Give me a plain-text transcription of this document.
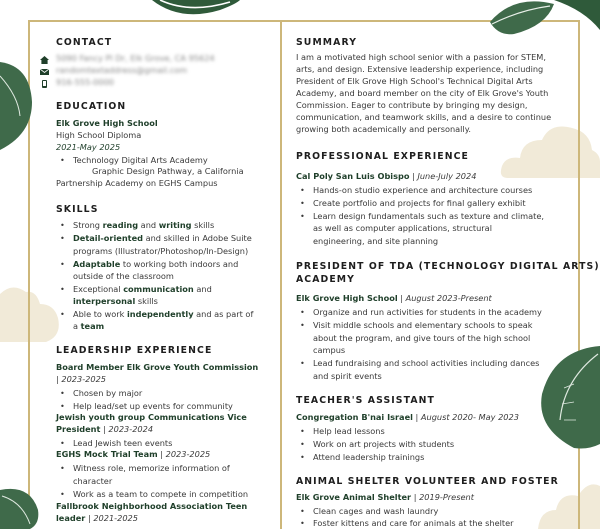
CONTACT
5090 Fancy Pl Dr, Elk Grove, CA 95624
randomtextaddress@gmail.com
916-555-0000
EDUCATION
Elk Grove High School
High School Diploma
2021-May 2025
• Technology Digital Arts Academy
Graphic Design Pathway, a California
Partnership Academy on EGHS Campus
SKILLS
• Strong reading and writing skills
• Detail-oriented and skilled in Adobe Suite
programs (Illustrator/Photoshop/In-Design)
• Adaptable to working both indoors and
outside of the classroom
• Exceptional communication and
interpersonal skills
• Able to work independently and as part of
a team
LEADERSHIP EXPERIENCE
Board Member Elk Grove Youth Commission
| 2023-2025
• Chosen by major
• Help lead/set up events for community
Jewish youth group Communications Vice
President | 2023-2024
• Lead Jewish teen events
EGHS Mock Trial Team | 2023-2025
• Witness role, memorize information of
character
• Work as a team to compete in competition
Fallbrook Neighborhood Association Teen
leader | 2021-2025
SUMMARY
I am a motivated high school senior with a passion for STEM,
arts, and design. Extensive leadership experience, including
President of Elk Grove High School's Technical Digital Arts
Academy, and board member on the city of Elk Grove's Youth
Commission. Eager to contribute by bringing my design,
communication, and teamwork skills, and a desire to continue
growing both academically and personally.
PROFESSIONAL EXPERIENCE
Cal Poly San Luis Obispo | June-July 2024
• Hands-on studio experience and architecture courses
• Create portfolio and projects for final gallery exhibit
• Learn design fundamentals such as texture and climate,
as well as computer applications, structural
engineering, and site planning
PRESIDENT OF TDA (TECHNOLOGY DIGITAL ARTS)
ACADEMY
Elk Grove High School | August 2023-Present
• Organize and run activities for students in the academy
• Visit middle schools and elementary schools to speak
about the program, and give tours of the high school
campus
• Lead fundraising and school activities including dances
and spirit events
TEACHER'S ASSISTANT
Congregation B'nai Israel | August 2020- May 2023
• Help lead lessons
• Work on art projects with students
• Attend leadership trainings
ANIMAL SHELTER VOLUNTEER AND FOSTER
Elk Grove Animal Shelter | 2019-Present
• Clean cages and wash laundry
• Foster kittens and care for animals at the shelter
